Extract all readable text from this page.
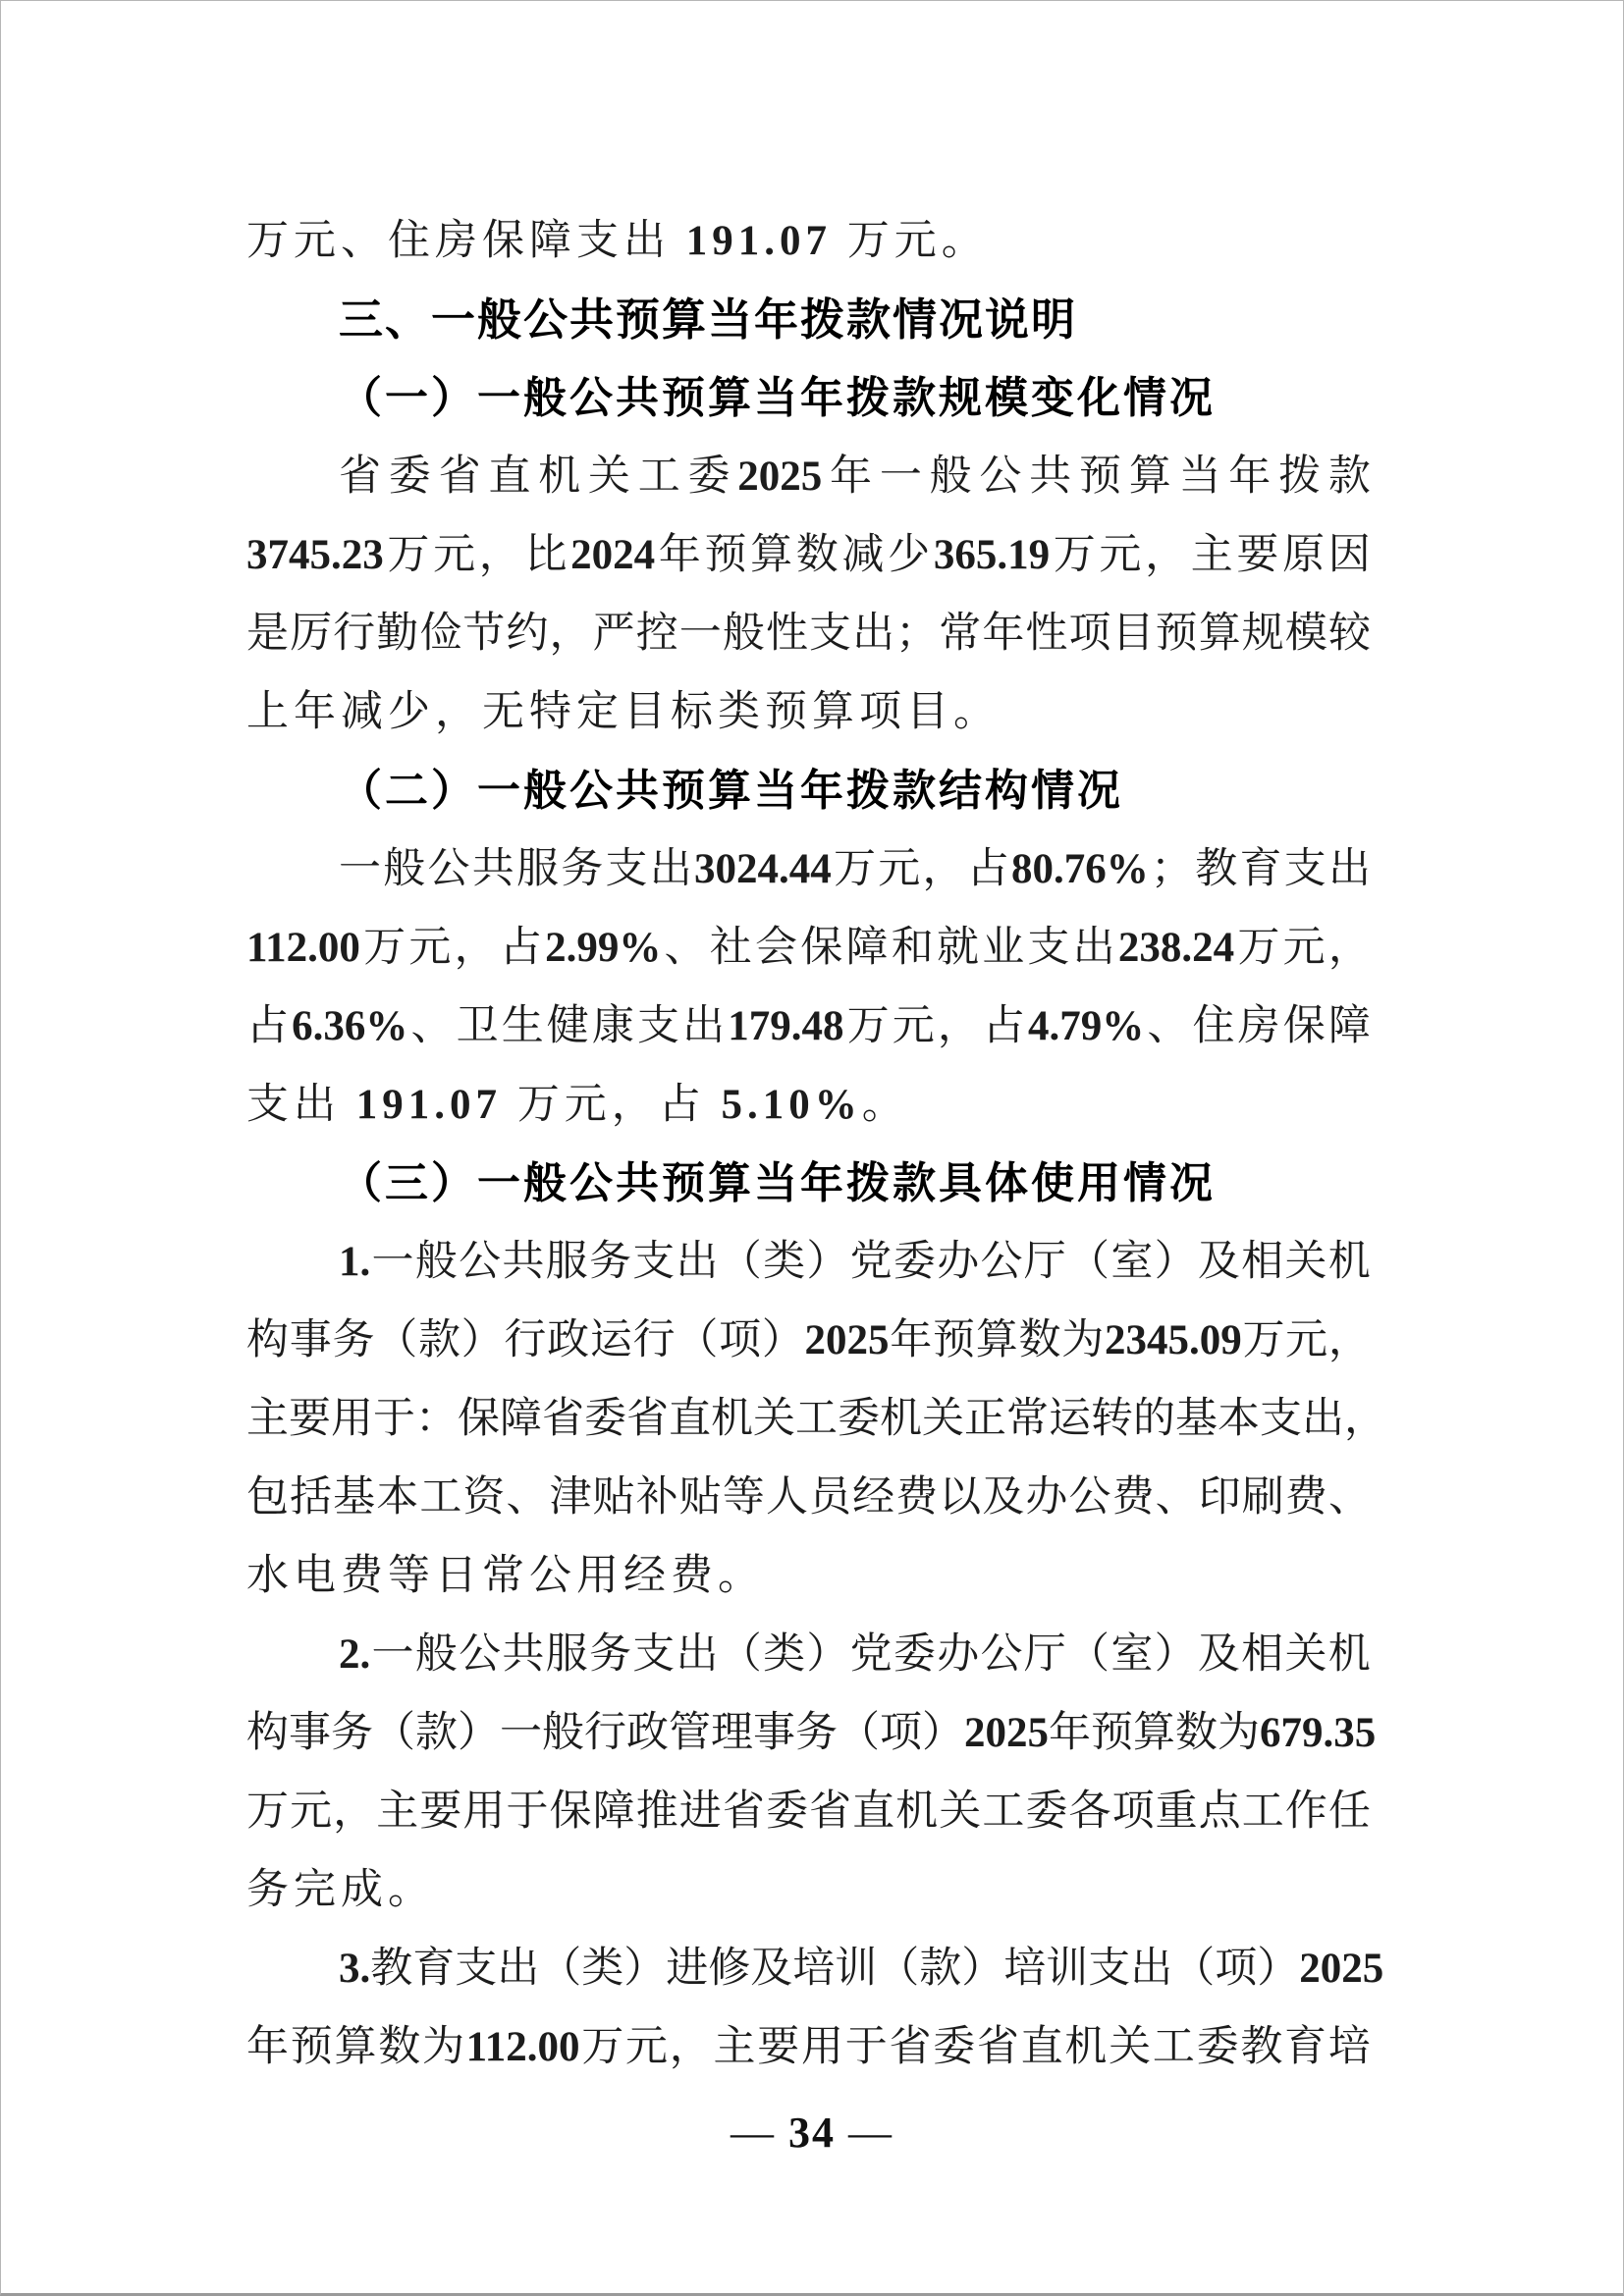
万元、住房保障支出 191.07 万元。
三、一般公共预算当年拨款情况说明
（一）一般公共预算当年拨款规模变化情况
省 委 省 直 机 关 工 委 2025 年 一 般 公 共 预 算 当 年 拨 款
3745.23 万 元 ， 比 2024 年 预 算 数 减 少 365.19 万 元 ， 主 要 原 因
是 厉 行 勤 俭 节 约 ， 严 控 一 般 性 支 出 ； 常 年 性 项 目 预 算 规 模 较
上年减少，无特定目标类预算项目。
（二）一般公共预算当年拨款结构情况
一 般 公 共 服 务 支 出 3024.44 万 元 ， 占 80.76% ； 教 育 支 出
112.00 万 元 ， 占 2.99% 、 社 会 保 障 和 就 业 支 出 238.24 万 元 ，
占 6.36% 、 卫 生 健 康 支 出 179.48 万 元 ， 占 4.79% 、 住 房 保 障
支出 191.07 万元，占 5.10%。
（三）一般公共预算当年拨款具体使用情况
1. 一 般 公 共 服 务 支 出 （ 类 ） 党 委 办 公 厅 （ 室 ） 及 相 关 机
构 事 务 （ 款 ） 行 政 运 行 （ 项 ） 2025 年 预 算 数 为 2345.09 万 元 ，
主 要 用 于 ： 保 障 省 委 省 直 机 关 工 委 机 关 正 常 运 转 的 基 本 支 出 ，
包 括 基 本 工 资 、 津 贴 补 贴 等 人 员 经 费 以 及 办 公 费 、 印 刷 费 、
水电费等日常公用经费。
2. 一 般 公 共 服 务 支 出 （ 类 ） 党 委 办 公 厅 （ 室 ） 及 相 关 机
构 事 务 （ 款 ） 一 般 行 政 管 理 事 务 （ 项 ） 2025 年 预 算 数 为 679.35
万 元 ， 主 要 用 于 保 障 推 进 省 委 省 直 机 关 工 委 各 项 重 点 工 作 任
务完成。
3. 教 育 支 出 （ 类 ） 进 修 及 培 训 （ 款 ） 培 训 支 出 （ 项 ） 2025
年 预 算 数 为 112.00 万 元 ， 主 要 用 于 省 委 省 直 机 关 工 委 教 育 培
— 34 —
